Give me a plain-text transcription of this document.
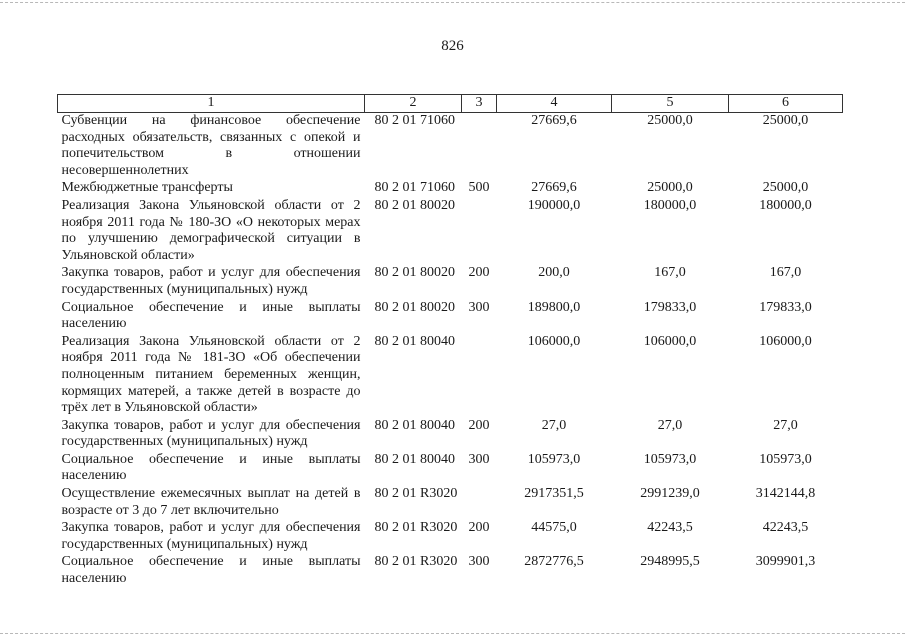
826
1	2	3	4	5	6
Субвенции на финансовое обеспечение расходных обязательств, связанных с опекой и попечительством в отношении несовершеннолетних	80 2 01 71060		27669,6	25000,0	25000,0
Межбюджетные трансферты	80 2 01 71060	500	27669,6	25000,0	25000,0
Реализация Закона Ульяновской области от 2 ноября 2011 года № 180-ЗО «О некоторых мерах по улучшению демографической ситуации в Ульяновской области»	80 2 01 80020		190000,0	180000,0	180000,0
Закупка товаров, работ и услуг для обеспечения государственных (муниципальных) нужд	80 2 01 80020	200	200,0	167,0	167,0
Социальное обеспечение и иные выплаты населению	80 2 01 80020	300	189800,0	179833,0	179833,0
Реализация Закона Ульяновской области от 2 ноября 2011 года № 181-ЗО «Об обеспечении полноценным питанием беременных женщин, кормящих матерей, а также детей в возрасте до трёх лет в Ульяновской области»	80 2 01 80040		106000,0	106000,0	106000,0
Закупка товаров, работ и услуг для обеспечения государственных (муниципальных) нужд	80 2 01 80040	200	27,0	27,0	27,0
Социальное обеспечение и иные выплаты населению	80 2 01 80040	300	105973,0	105973,0	105973,0
Осуществление ежемесячных выплат на детей в возрасте от 3 до 7 лет включительно	80 2 01 R3020		2917351,5	2991239,0	3142144,8
Закупка товаров, работ и услуг для обеспечения государственных (муниципальных) нужд	80 2 01 R3020	200	44575,0	42243,5	42243,5
Социальное обеспечение и иные выплаты населению	80 2 01 R3020	300	2872776,5	2948995,5	3099901,3
